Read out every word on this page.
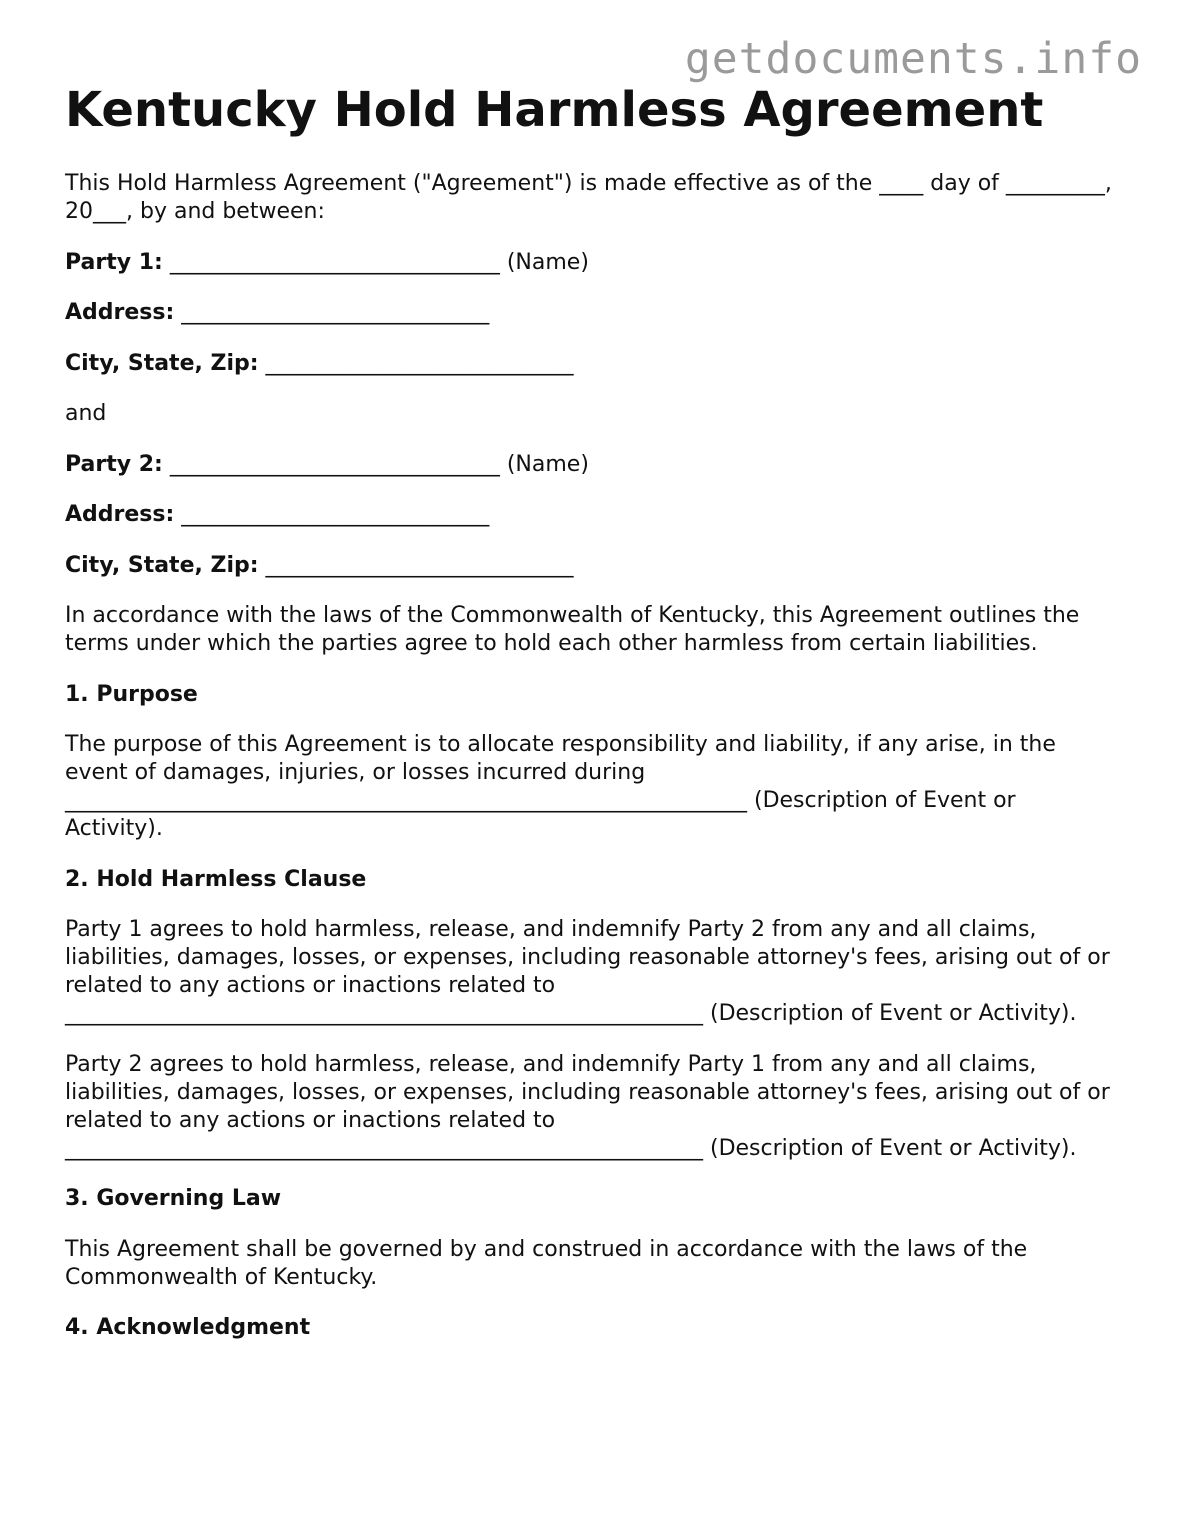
getdocuments.info
Kentucky Hold Harmless Agreement

This Hold Harmless Agreement ("Agreement") is made effective as of the ____ day of _________, 20___, by and between:

Party 1: ______________________________ (Name)

Address: ____________________________

City, State, Zip: ____________________________

and

Party 2: ______________________________ (Name)

Address: ____________________________

City, State, Zip: ____________________________

In accordance with the laws of the Commonwealth of Kentucky, this Agreement outlines the terms under which the parties agree to hold each other harmless from certain liabilities.

1. Purpose

The purpose of this Agreement is to allocate responsibility and liability, if any arise, in the event of damages, injuries, or losses incurred during ______________________________________________________________ (Description of Event or Activity).

2. Hold Harmless Clause

Party 1 agrees to hold harmless, release, and indemnify Party 2 from any and all claims, liabilities, damages, losses, or expenses, including reasonable attorney's fees, arising out of or related to any actions or inactions related to __________________________________________________________ (Description of Event or Activity).

Party 2 agrees to hold harmless, release, and indemnify Party 1 from any and all claims, liabilities, damages, losses, or expenses, including reasonable attorney's fees, arising out of or related to any actions or inactions related to __________________________________________________________ (Description of Event or Activity).

3. Governing Law

This Agreement shall be governed by and construed in accordance with the laws of the Commonwealth of Kentucky.

4. Acknowledgment
